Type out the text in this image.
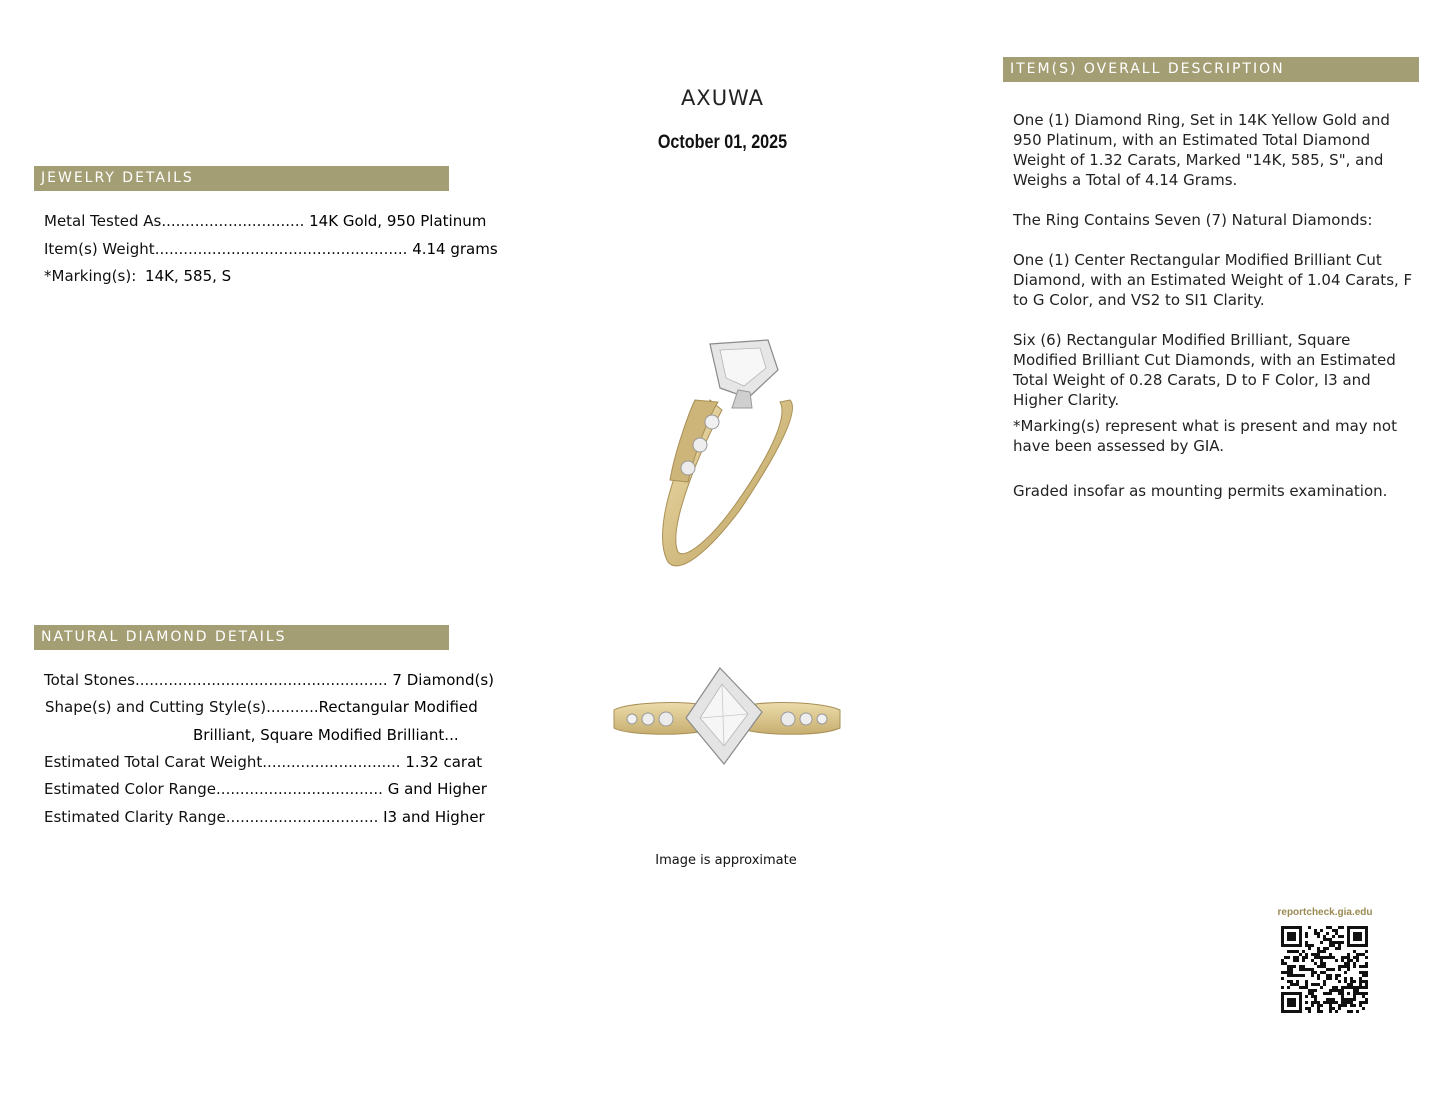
AXUWA
October 01, 2025
JEWELRY DETAILS
Metal Tested As.............................. 14K Gold, 950 Platinum
Item(s) Weight..................................................... 4.14 grams
*Marking(s): 14K, 585, S
NATURAL DIAMOND DETAILS
Total Stones..................................................... 7 Diamond(s)
Shape(s) and Cutting Style(s)...........Rectangular Modified
Brilliant, Square Modified Brilliant...
Estimated Total Carat Weight............................. 1.32 carat
Estimated Color Range................................... G and Higher
Estimated Clarity Range................................ I3 and Higher
Image is approximate
ITEM(S) OVERALL DESCRIPTION
One (1) Diamond Ring, Set in 14K Yellow Gold and 950 Platinum, with an Estimated Total Diamond Weight of 1.32 Carats, Marked "14K, 585, S", and Weighs a Total of 4.14 Grams.
The Ring Contains Seven (7) Natural Diamonds:
One (1) Center Rectangular Modified Brilliant Cut Diamond, with an Estimated Weight of 1.04 Carats, F to G Color, and VS2 to SI1 Clarity.
Six (6) Rectangular Modified Brilliant, Square Modified Brilliant Cut Diamonds, with an Estimated Total Weight of 0.28 Carats, D to F Color, I3 and Higher Clarity.
*Marking(s) represent what is present and may not have been assessed by GIA.
Graded insofar as mounting permits examination.
reportcheck.gia.edu
